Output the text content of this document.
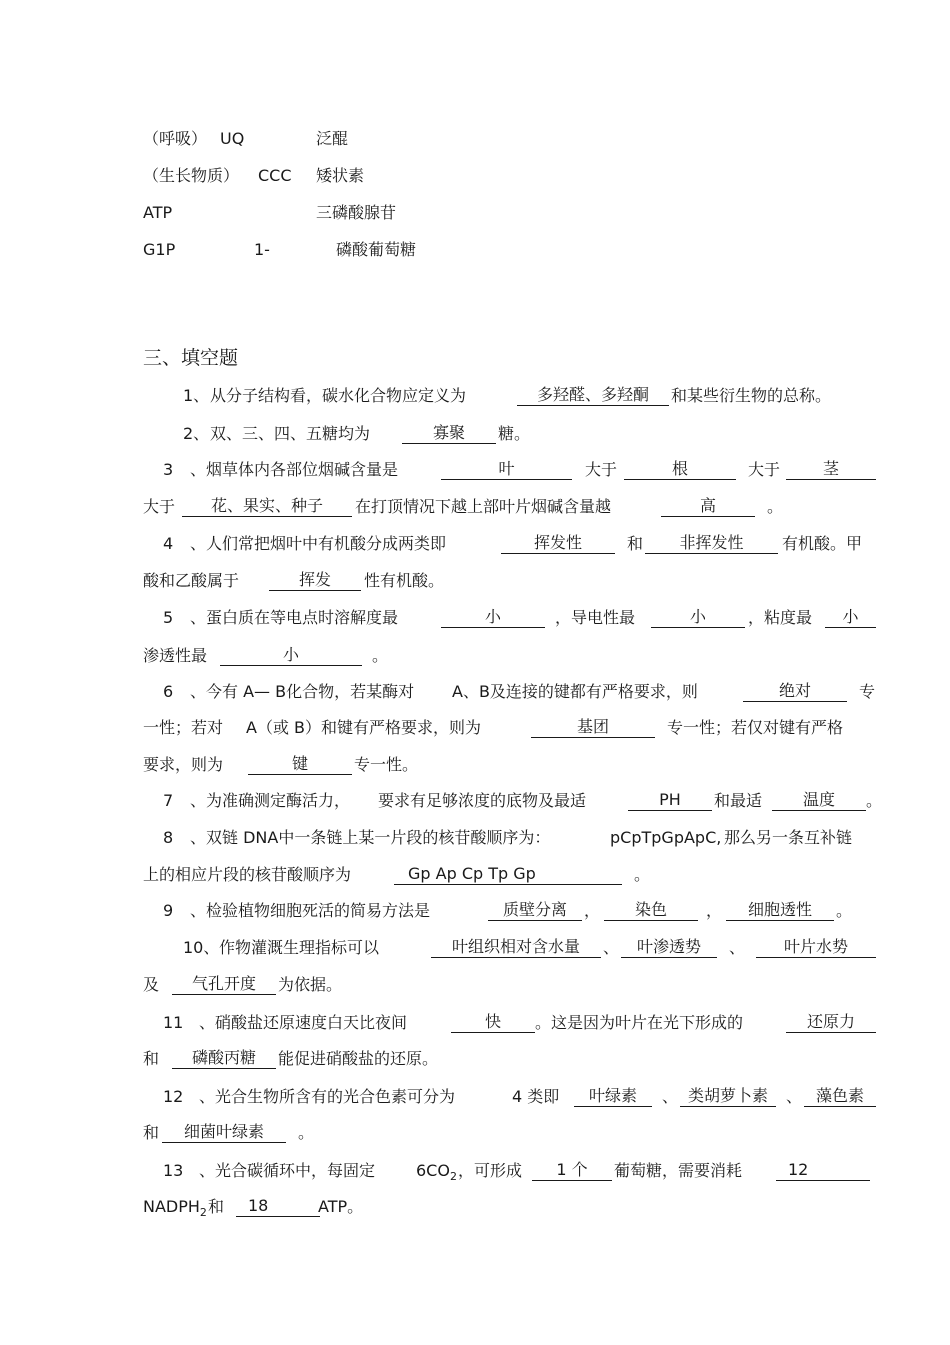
（呼吸） UQ	泛醌
（生长物质） CCC 矮状素
ATP	三磷酸腺苷
G1P	1-	磷酸葡萄糖
三、填空题
1、 从分子结构看，碳水化合物应定义为	多羟醛、多羟酮	和某些衍生物的总称。
2、 双、三、四、五糖均为	寡聚	糖。
3 、烟草体内各部位烟碱含量是	叶	大于	根	大于	茎
大于	花、果实、种子	在打顶情况下越上部叶片烟碱含量越	高	。
4 、人们常把烟叶中有机酸分成两类即	挥发性	和	非挥发性	有机酸。甲
酸和乙酸属于	挥发	性有机酸。
5 、蛋白质在等电点时溶解度最	小	，导电性最	小	，粘度最	小
渗透性最	小	。
6 、今有 A— B化合物，若某酶对 A、B及连接的键都有严格要求，则	绝对	专
一性；若对 A（或 B）和键有严格要求，则为	基团	专一性；若仅对键有严格
要求，则为	键	专一性。
7 、为准确测定酶活力， 要求有足够浓度的底物及最适	PH	和最适	温度	。
8 、双链 DNA中一条链上某一片段的核苷酸顺序为：	pCpTpGpApC, 那么另一条互补链
上的相应片段的核苷酸顺序为	Gp Ap Cp Tp Gp	。
9 、检验植物细胞死活的简易方法是	质壁分离	，	染色	，	细胞透性	。
10、 作物灌溉生理指标可以	叶组织相对含水量	、	叶渗透势	、	叶片水势
及	气孔开度	为依据。
11 、硝酸盐还原速度白天比夜间	快	。这是因为叶片在光下形成的	还原力
和	磷酸丙糖	能促进硝酸盐的还原。
12 、光合生物所含有的光合色素可分为	4 类即	叶绿素	、 类胡萝卜素	、 藻色素
和	细菌叶绿素	。
13 、光合碳循环中，每固定	$6CO_2$ ，可形成	1 个	葡萄糖，需要消耗	12
$NADPH_2$ 和	18	ATP。
